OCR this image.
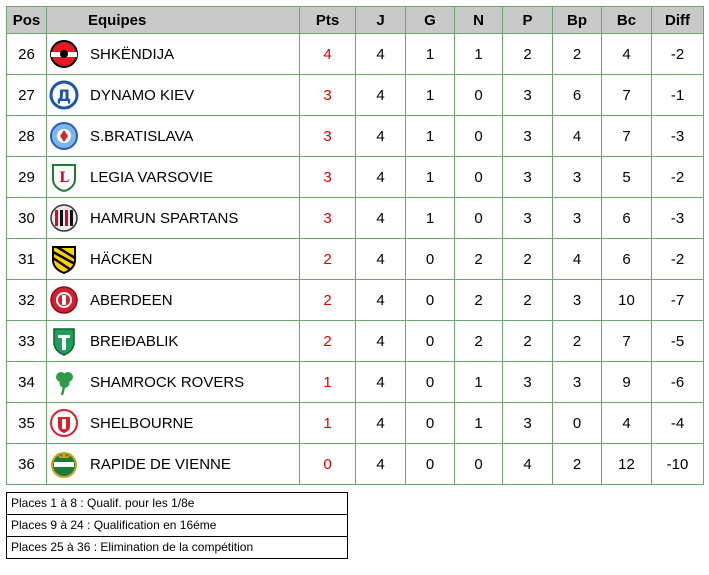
Pos	Equipes	Pts	J	G	N	P	Bp	Bc	Diff
26	SHKËNDIJA	4	4	1	1	2	2	4	-2
27	DYNAMO KIEV	3	4	1	0	3	6	7	-1
28	S.BRATISLAVA	3	4	1	0	3	4	7	-3
29	LEGIA VARSOVIE	3	4	1	0	3	3	5	-2
30	HAMRUN SPARTANS	3	4	1	0	3	3	6	-3
31	HÄCKEN	2	4	0	2	2	4	6	-2
32	ABERDEEN	2	4	0	2	2	3	10	-7
33	BREIÐABLIK	2	4	0	2	2	2	7	-5
34	SHAMROCK ROVERS	1	4	0	1	3	3	9	-6
35	SHELBOURNE	1	4	0	1	3	0	4	-4
36	RAPIDE DE VIENNE	0	4	0	0	4	2	12	-10
Places 1 à 8 : Qualif. pour les 1/8e
Places 9 à 24 : Qualification en 16éme
Places 25 à 36 : Elimination de la compétition
